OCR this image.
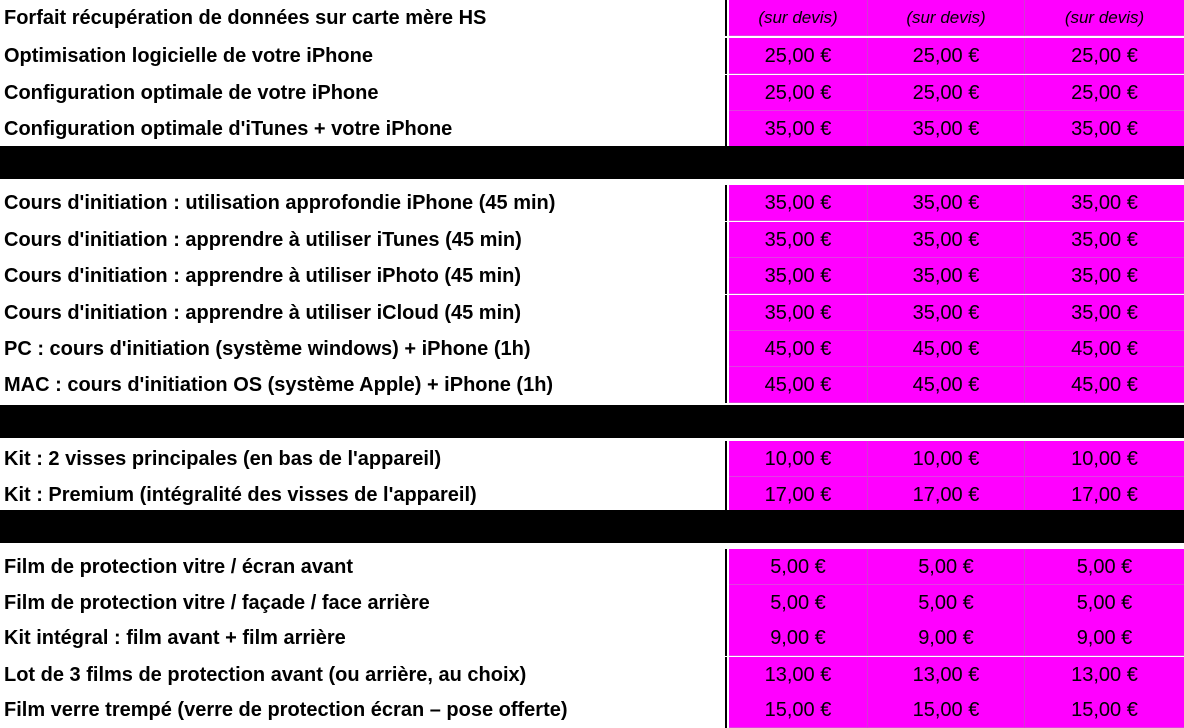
Forfait récupération de données sur carte mère HS	(sur devis)	(sur devis)	(sur devis)
Optimisation logicielle de votre iPhone	25,00 €	25,00 €	25,00 €
Configuration optimale de votre iPhone	25,00 €	25,00 €	25,00 €
Configuration optimale d'iTunes + votre iPhone	35,00 €	35,00 €	35,00 €
Cours d'initiation : utilisation approfondie iPhone (45 min)	35,00 €	35,00 €	35,00 €
Cours d'initiation : apprendre à utiliser iTunes (45 min)	35,00 €	35,00 €	35,00 €
Cours d'initiation : apprendre à utiliser iPhoto (45 min)	35,00 €	35,00 €	35,00 €
Cours d'initiation : apprendre à utiliser iCloud (45 min)	35,00 €	35,00 €	35,00 €
PC : cours d'initiation (système windows) + iPhone (1h)	45,00 €	45,00 €	45,00 €
MAC : cours d'initiation OS (système Apple) + iPhone (1h)	45,00 €	45,00 €	45,00 €
Kit : 2 visses principales (en bas de l'appareil)	10,00 €	10,00 €	10,00 €
Kit : Premium (intégralité des visses de l'appareil)	17,00 €	17,00 €	17,00 €
Film de protection vitre / écran avant	5,00 €	5,00 €	5,00 €
Film de protection vitre / façade / face arrière	5,00 €	5,00 €	5,00 €
Kit intégral : film avant + film arrière	9,00 €	9,00 €	9,00 €
Lot de 3 films de protection avant (ou arrière, au choix)	13,00 €	13,00 €	13,00 €
Film verre trempé (verre de protection écran – pose offerte)	15,00 €	15,00 €	15,00 €
